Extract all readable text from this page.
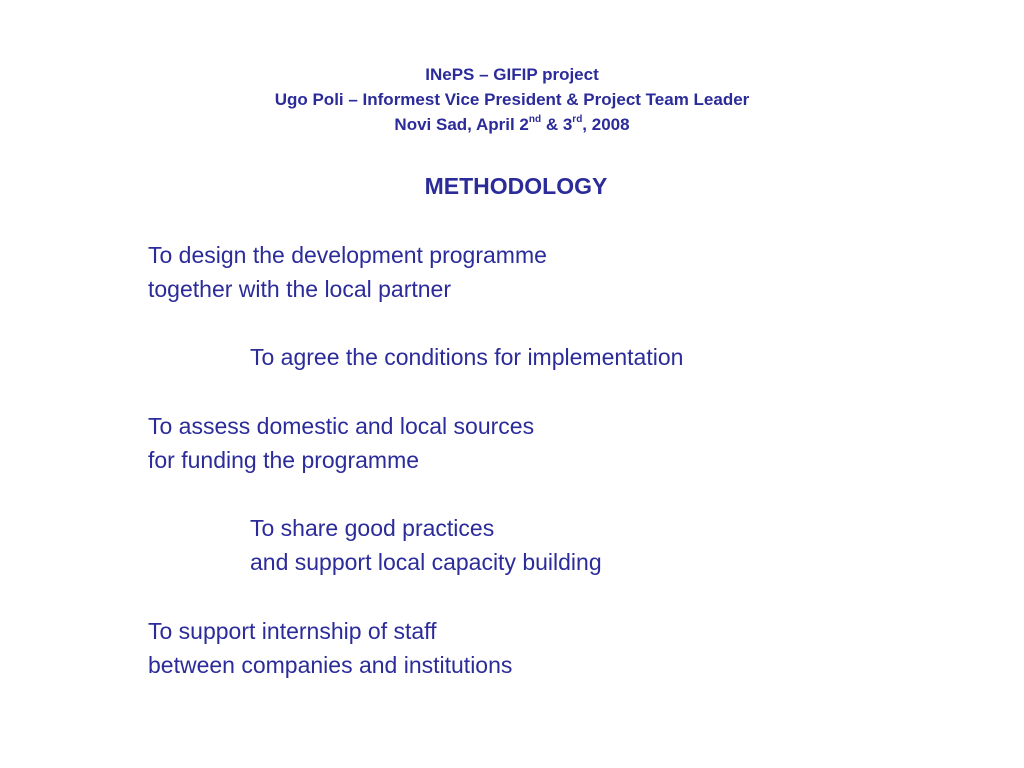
INePS – GIFIP project
Ugo Poli – Informest Vice President & Project Team Leader
Novi Sad, April 2nd & 3rd, 2008
METHODOLOGY
To design the development programme
together with the local partner
To agree the conditions for implementation
To assess domestic and local sources
for funding the programme
To share good practices
and support local capacity building
To support internship of staff
between companies and institutions
